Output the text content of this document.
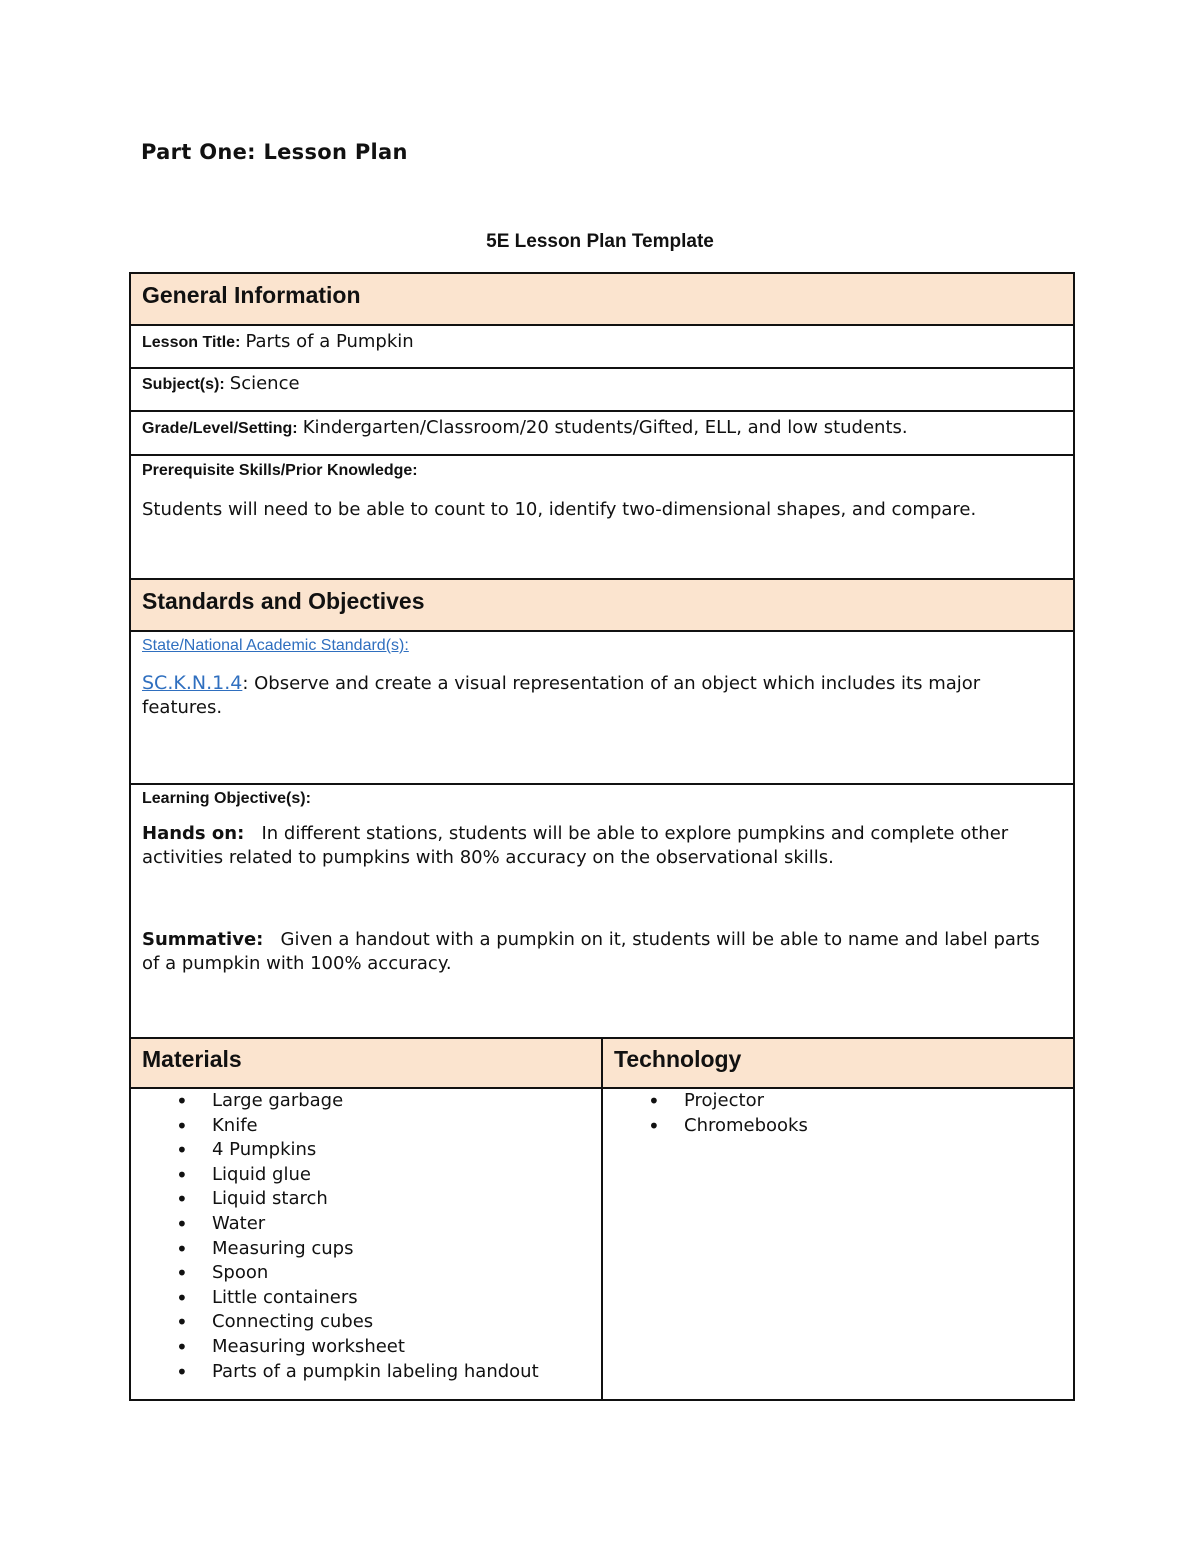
Part One: Lesson Plan
5E Lesson Plan Template
General Information
Lesson Title: Parts of a Pumpkin
Subject(s): Science
Grade/Level/Setting: Kindergarten/Classroom/20 students/Gifted, ELL, and low students.
Prerequisite Skills/Prior Knowledge:

Students will need to be able to count to 10, identify two-dimensional shapes, and compare.

Standards and Objectives
State/National Academic Standard(s):

SC.K.N.1.4: Observe and create a visual representation of an object which includes its major features.

Learning Objective(s):

Hands on: In different stations, students will be able to explore pumpkins and complete other activities related to pumpkins with 80% accuracy on the observational skills.

Summative: Given a handout with a pumpkin on it, students will be able to name and label parts of a pumpkin with 100% accuracy.

Materials	Technology
• Large garbage
• Knife
• 4 Pumpkins
• Liquid glue
• Liquid starch
• Water
• Measuring cups
• Spoon
• Little containers
• Connecting cubes
• Measuring worksheet
• Parts of a pumpkin labeling handout
• Projector
• Chromebooks
